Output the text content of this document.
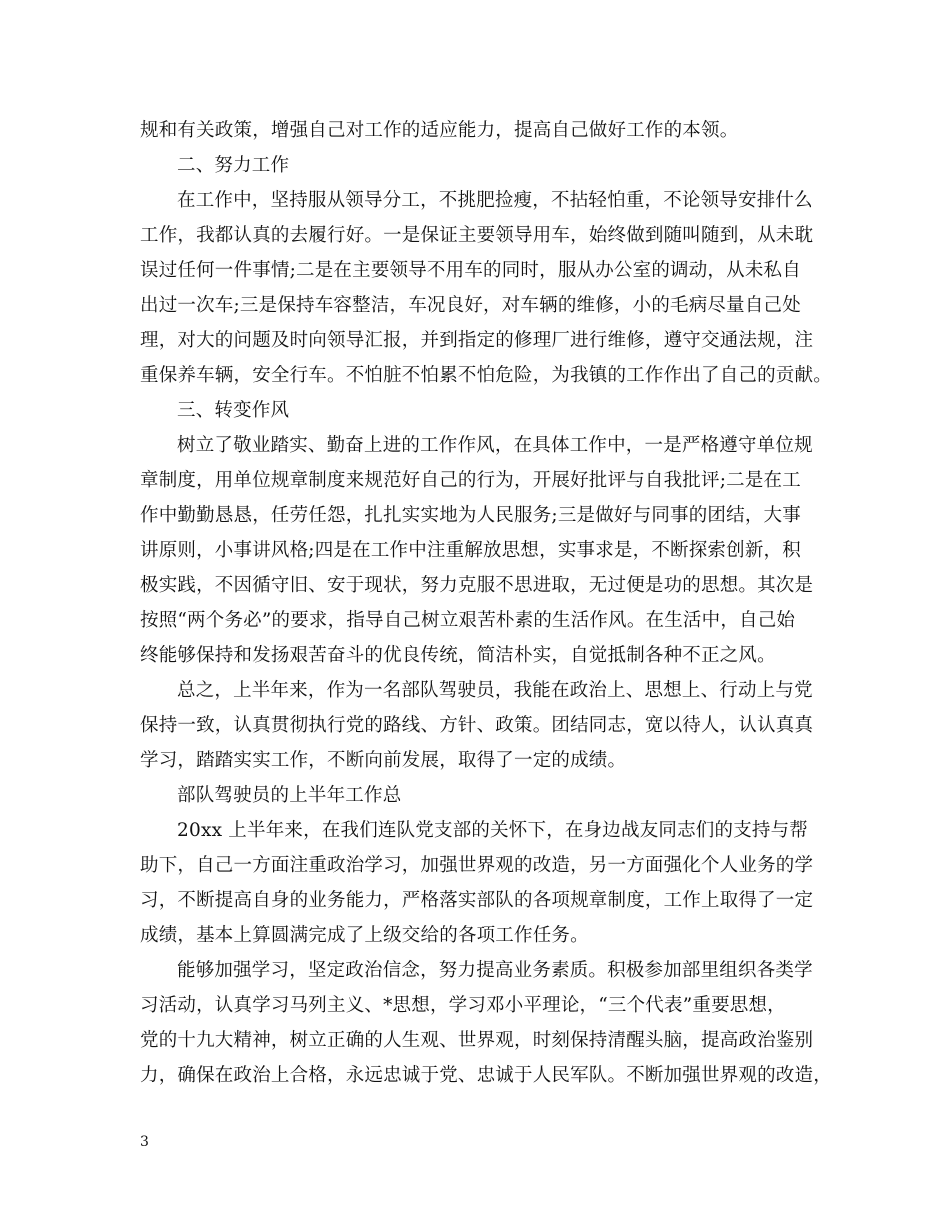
规和有关政策，增强自己对工作的适应能力，提高自己做好工作的本领。
二、努力工作
在工作中，坚持服从领导分工，不挑肥捡瘦，不拈轻怕重，不论领导安排什么
工作，我都认真的去履行好。一是保证主要领导用车，始终做到随叫随到，从未耽
误过任何一件事情;二是在主要领导不用车的同时，服从办公室的调动，从未私自
出过一次车;三是保持车容整洁，车况良好，对车辆的维修，小的毛病尽量自己处
理，对大的问题及时向领导汇报，并到指定的修理厂进行维修，遵守交通法规，注
重保养车辆，安全行车。不怕脏不怕累不怕危险，为我镇的工作作出了自己的贡献。
三、转变作风
树立了敬业踏实、勤奋上进的工作作风，在具体工作中，一是严格遵守单位规
章制度，用单位规章制度来规范好自己的行为，开展好批评与自我批评;二是在工
作中勤勤恳恳，任劳任怨，扎扎实实地为人民服务;三是做好与同事的团结，大事
讲原则，小事讲风格;四是在工作中注重解放思想，实事求是，不断探索创新，积
极实践，不因循守旧、安于现状，努力克服不思进取，无过便是功的思想。其次是
按照“两个务必”的要求，指导自己树立艰苦朴素的生活作风。在生活中，自己始
终能够保持和发扬艰苦奋斗的优良传统，简洁朴实，自觉抵制各种不正之风。
总之，上半年来，作为一名部队驾驶员，我能在政治上、思想上、行动上与党
保持一致，认真贯彻执行党的路线、方针、政策。团结同志，宽以待人，认认真真
学习，踏踏实实工作，不断向前发展，取得了一定的成绩。
部队驾驶员的上半年工作总
20xx 上半年来，在我们连队党支部的关怀下，在身边战友同志们的支持与帮
助下，自己一方面注重政治学习，加强世界观的改造，另一方面强化个人业务的学
习，不断提高自身的业务能力，严格落实部队的各项规章制度，工作上取得了一定
成绩，基本上算圆满完成了上级交给的各项工作任务。
能够加强学习，坚定政治信念，努力提高业务素质。积极参加部里组织各类学
习活动，认真学习马列主义、*思想，学习邓小平理论，“三个代表”重要思想，
党的十九大精神，树立正确的人生观、世界观，时刻保持清醒头脑，提高政治鉴别
力，确保在政治上合格，永远忠诚于党、忠诚于人民军队。不断加强世界观的改造，
3
